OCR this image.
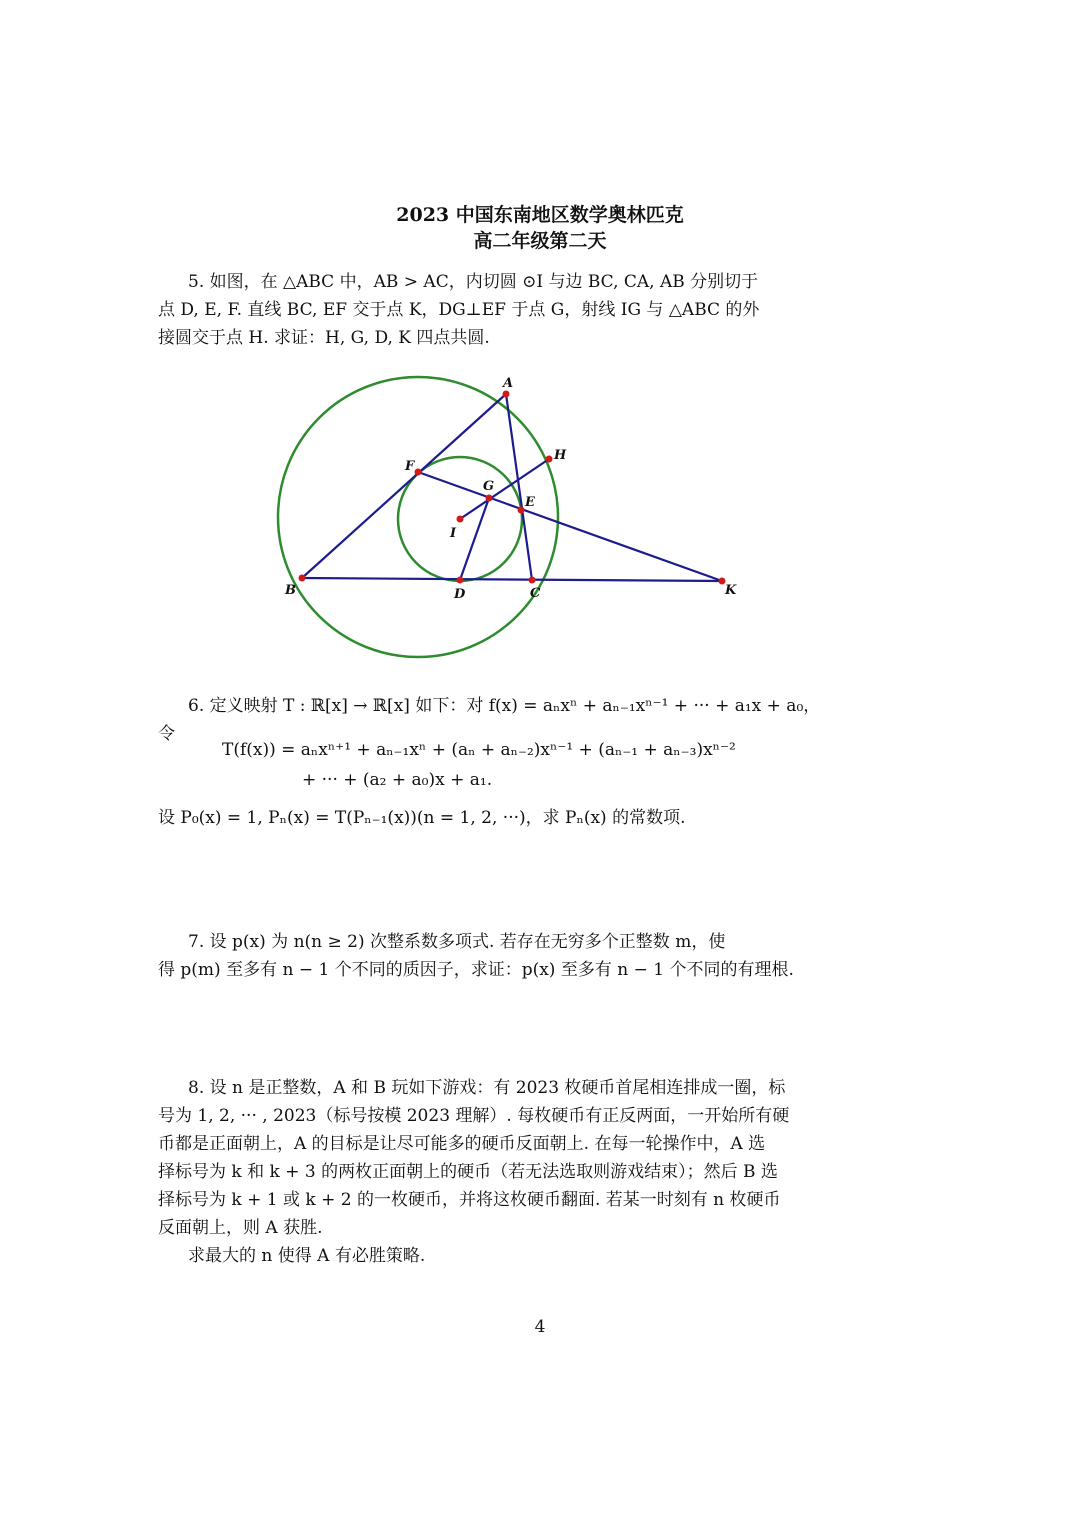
2023 中国东南地区数学奥林匹克
高二年级第二天
5. 如图，在 △ABC 中，AB > AC，内切圆 ⊙I 与边 BC, CA, AB 分别切于
点 D, E, F. 直线 BC, EF 交于点 K，DG⊥EF 于点 G，射线 IG 与 △ABC 的外
接圆交于点 H. 求证：H, G, D, K 四点共圆.
A
B	C
D
E
F
G
H
I
K
6. 定义映射 T : ℝ[x] → ℝ[x] 如下：对 f(x) = aₙxⁿ + aₙ₋₁xⁿ⁻¹ + ··· + a₁x + a₀，
令
T(f(x)) = aₙxⁿ⁺¹ + aₙ₋₁xⁿ + (aₙ + aₙ₋₂)xⁿ⁻¹ + (aₙ₋₁ + aₙ₋₃)xⁿ⁻²
+ ··· + (a₂ + a₀)x + a₁.
设 P₀(x) = 1, Pₙ(x) = T(Pₙ₋₁(x))(n = 1, 2, ···)，求 Pₙ(x) 的常数项.
7. 设 p(x) 为 n(n ≥ 2) 次整系数多项式. 若存在无穷多个正整数 m，使
得 p(m) 至多有 n − 1 个不同的质因子，求证：p(x) 至多有 n − 1 个不同的有理根.
8. 设 n 是正整数，A 和 B 玩如下游戏：有 2023 枚硬币首尾相连排成一圈，标
号为 1, 2, ··· , 2023（标号按模 2023 理解）. 每枚硬币有正反两面，一开始所有硬
币都是正面朝上，A 的目标是让尽可能多的硬币反面朝上. 在每一轮操作中，A 选
择标号为 k 和 k + 3 的两枚正面朝上的硬币（若无法选取则游戏结束）；然后 B 选
择标号为 k + 1 或 k + 2 的一枚硬币，并将这枚硬币翻面. 若某一时刻有 n 枚硬币
反面朝上，则 A 获胜.
求最大的 n 使得 A 有必胜策略.
4
